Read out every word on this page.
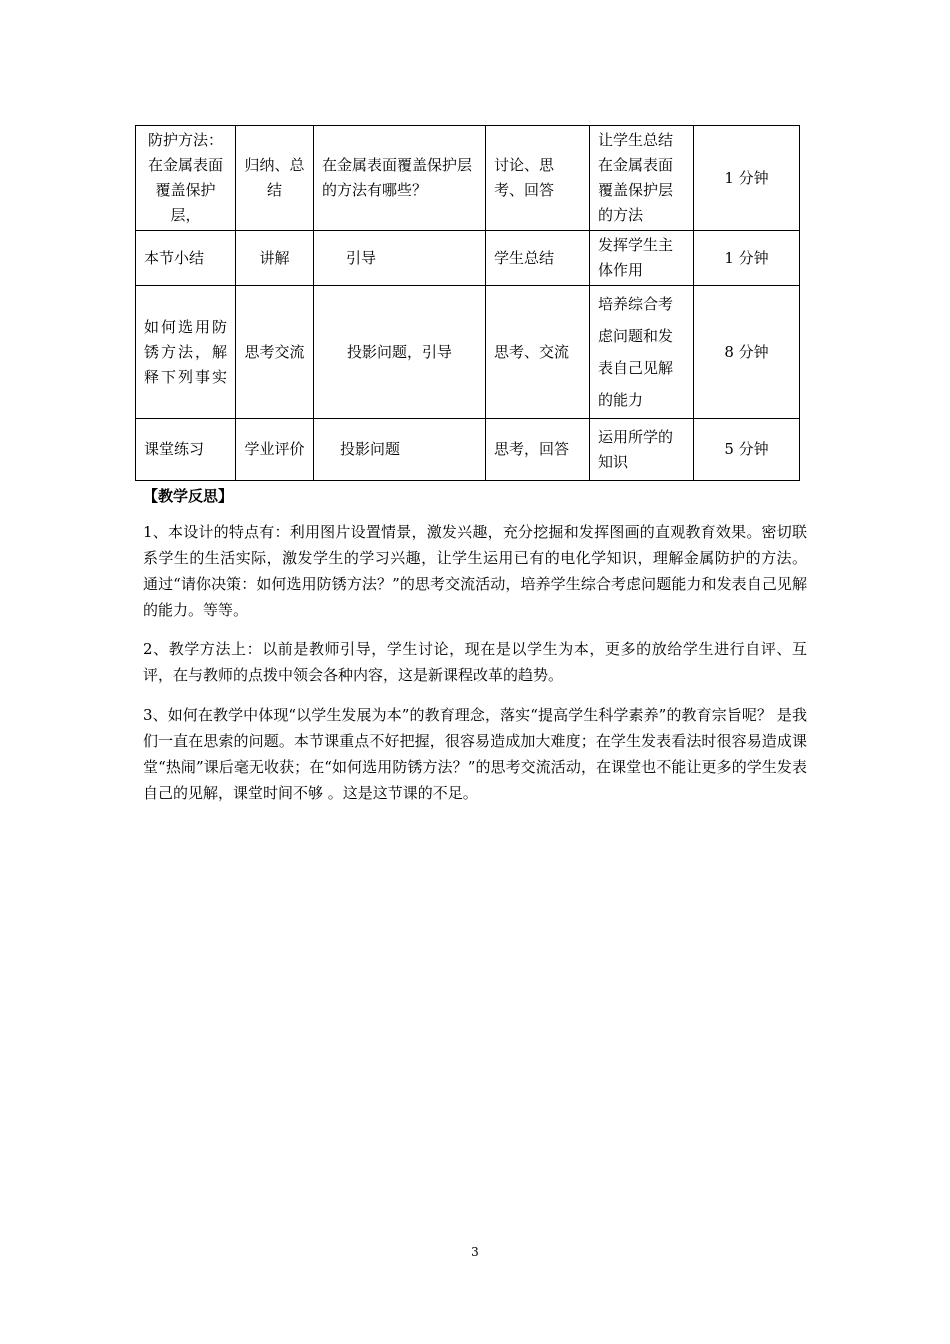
防护方法：在金属表面覆盖保护层，	归纳、总结	在金属表面覆盖保护层的方法有哪些？	讨论、思考、回答	让学生总结在金属表面覆盖保护层的方法	1 分钟
本节小结	讲解	引导	学生总结	发挥学生主体作用	1 分钟
如何选用防锈方法，解释下列事实	思考交流	投影问题，引导	思考、交流	培养综合考虑问题和发表自己见解的能力	8 分钟
课堂练习	学业评价	投影问题	思考，回答	运用所学的知识	5 分钟
【教学反思】

1、本设计的特点有：利用图片设置情景，激发兴趣，充分挖掘和发挥图画的直观教育效果。密切联系学生的生活实际，激发学生的学习兴趣，让学生运用已有的电化学知识，理解金属防护的方法。 通过“请你决策：如何选用防锈方法？”的思考交流活动，培养学生综合考虑问题能力和发表自己见解的能力。等等。

2、教学方法上：以前是教师引导，学生讨论，现在是以学生为本，更多的放给学生进行自评、互评，在与教师的点拨中领会各种内容，这是新课程改革的趋势。

3、如何在教学中体现“以学生发展为本”的教育理念，落实“提高学生科学素养”的教育宗旨呢？ 是我们一直在思索的问题。本节课重点不好把握，很容易造成加大难度；在学生发表看法时很容易造成课堂“热闹”课后毫无收获；在“如何选用防锈方法？”的思考交流活动，在课堂也不能让更多的学生发表自己的见解，课堂时间不够 。这是这节课的不足。

3
